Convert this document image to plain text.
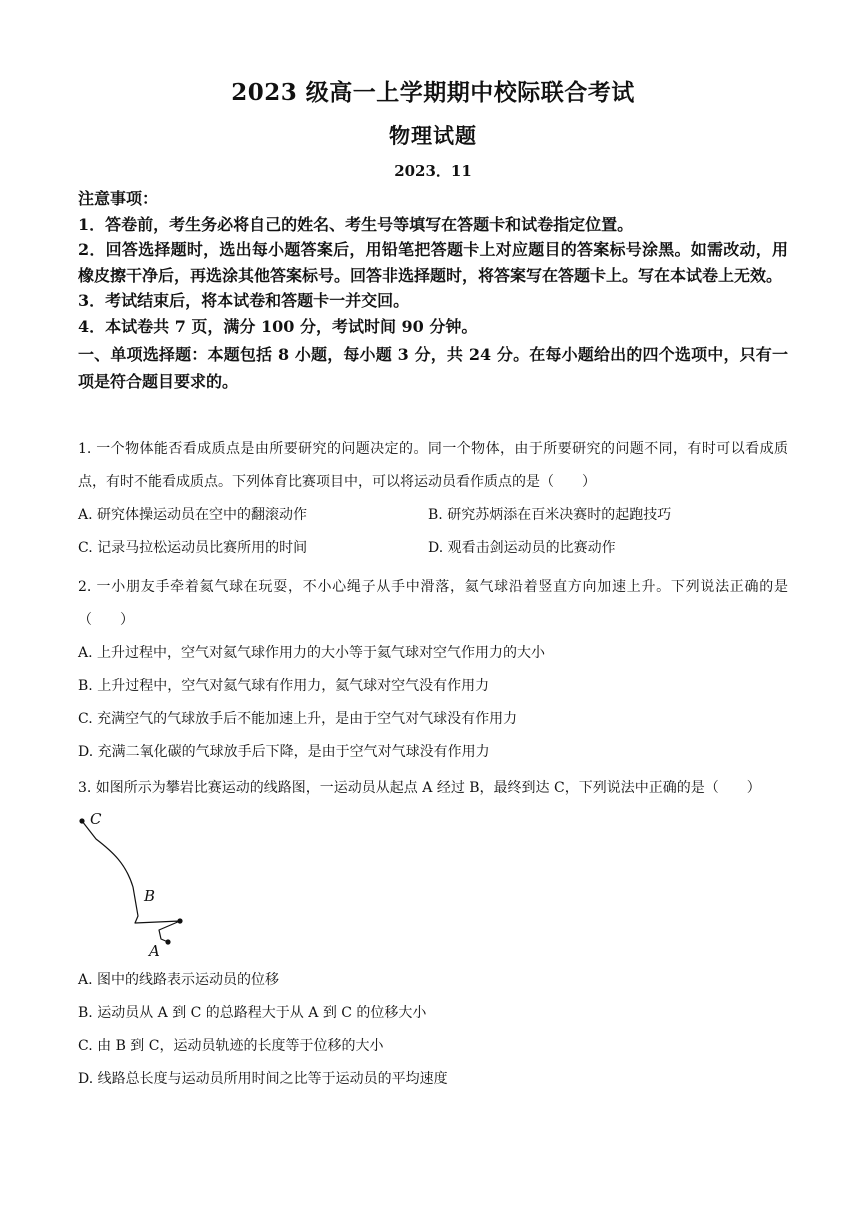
2023 级高一上学期期中校际联合考试
物理试题
2023．11

注意事项：

1．答卷前，考生务必将自己的姓名、考生号等填写在答题卡和试卷指定位置。

2．回答选择题时，选出每小题答案后，用铅笔把答题卡上对应题目的答案标号涂黑。如需改动，用橡皮擦干净后，再选涂其他答案标号。回答非选择题时，将答案写在答题卡上。写在本试卷上无效。

3．考试结束后，将本试卷和答题卡一并交回。

4．本试卷共 7 页，满分 100 分，考试时间 90 分钟。

一、单项选择题：本题包括 8 小题，每小题 3 分，共 24 分。在每小题给出的四个选项中，只有一项是符合题目要求的。

1. 一个物体能否看成质点是由所要研究的问题决定的。同一个物体，由于所要研究的问题不同，有时可以看成质点，有时不能看成质点。下列体育比赛项目中，可以将运动员看作质点的是（　　）

A. 研究体操运动员在空中的翻滚动作	B. 研究苏炳添在百米决赛时的起跑技巧
C. 记录马拉松运动员比赛所用的时间	D. 观看击剑运动员的比赛动作

2. 一小朋友手牵着氦气球在玩耍，不小心绳子从手中滑落，氦气球沿着竖直方向加速上升。下列说法正确的是（　　）

A. 上升过程中，空气对氦气球作用力的大小等于氦气球对空气作用力的大小

B. 上升过程中，空气对氦气球有作用力，氦气球对空气没有作用力

C. 充满空气的气球放手后不能加速上升，是由于空气对气球没有作用力

D. 充满二氧化碳的气球放手后下降，是由于空气对气球没有作用力

3. 如图所示为攀岩比赛运动的线路图，一运动员从起点 A 经过 B，最终到达 C，下列说法中正确的是（　　）

C
B
A

A. 图中的线路表示运动员的位移

B. 运动员从 A 到 C 的总路程大于从 A 到 C 的位移大小

C. 由 B 到 C，运动员轨迹的长度等于位移的大小

D. 线路总长度与运动员所用时间之比等于运动员的平均速度
